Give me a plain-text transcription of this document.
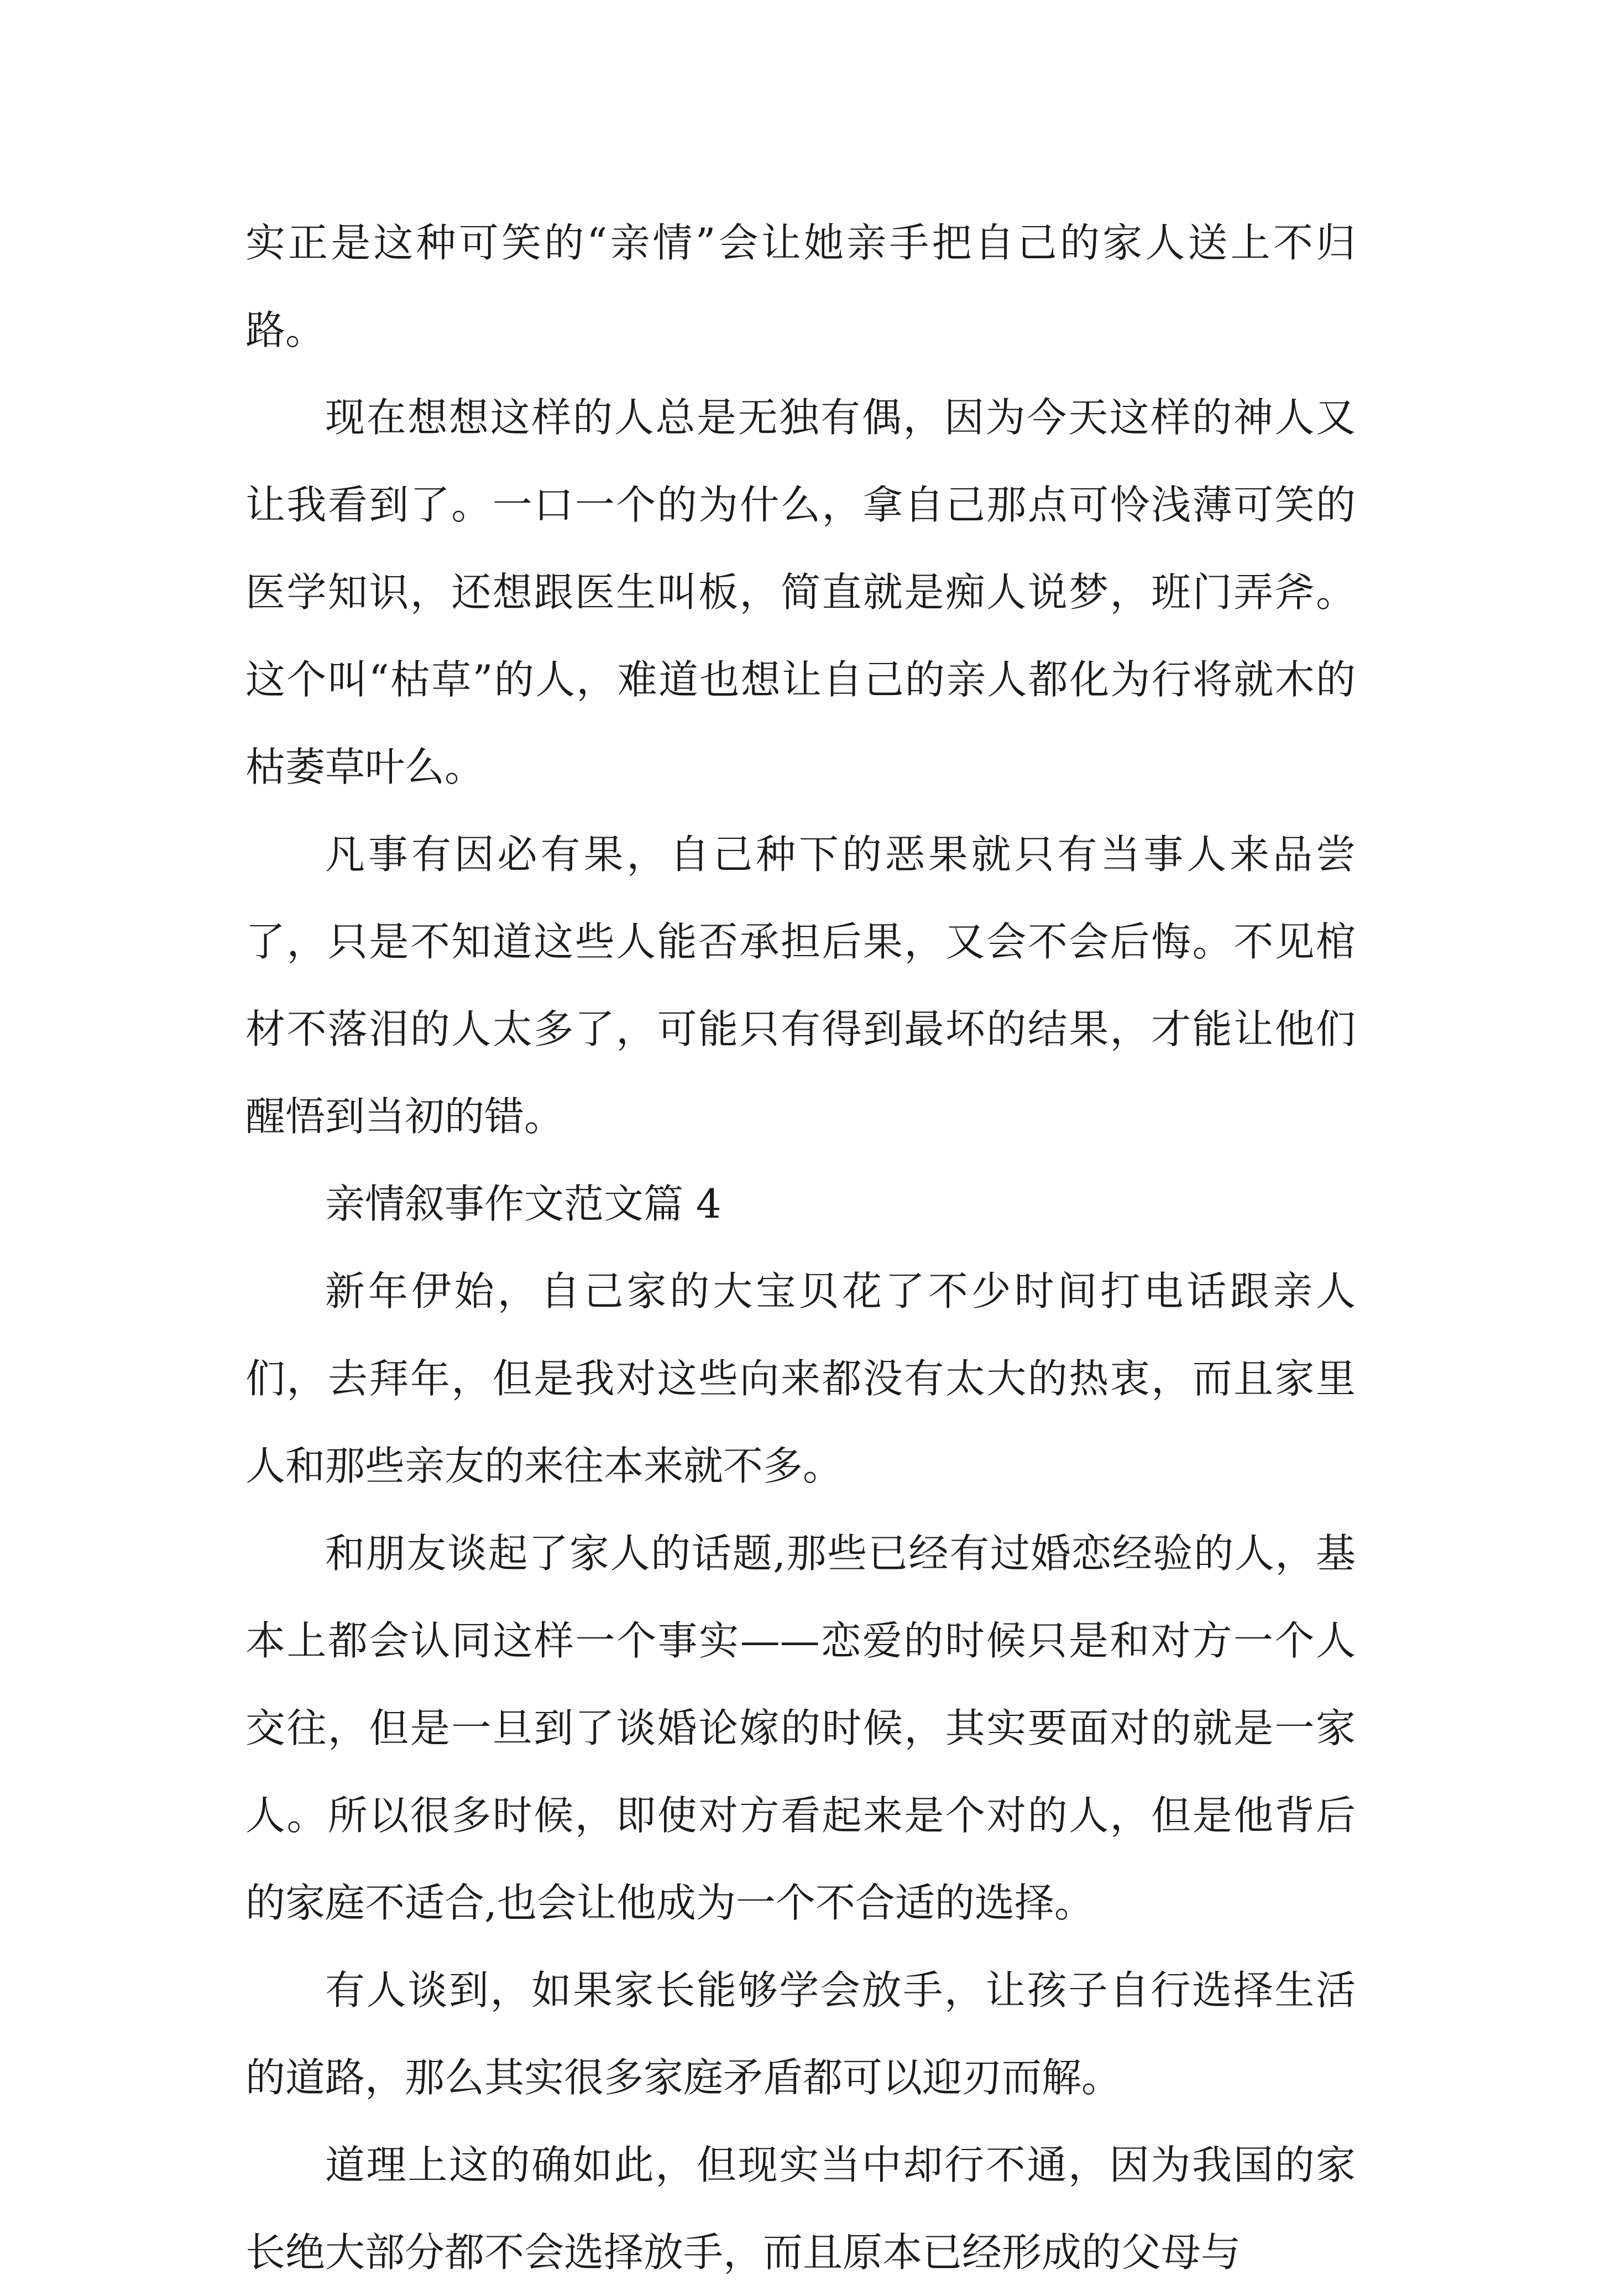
实正是这种可笑的“亲情”会让她亲手把自己的家人送上不归路。

现在想想这样的人总是无独有偶，因为今天这样的神人又让我看到了。一口一个的为什么，拿自己那点可怜浅薄可笑的医学知识，还想跟医生叫板，简直就是痴人说梦，班门弄斧。这个叫“枯草”的人，难道也想让自己的亲人都化为行将就木的枯萎草叶么。

凡事有因必有果，自己种下的恶果就只有当事人来品尝了，只是不知道这些人能否承担后果，又会不会后悔。不见棺材不落泪的人太多了，可能只有得到最坏的结果，才能让他们醒悟到当初的错。

亲情叙事作文范文篇 4

新年伊始，自己家的大宝贝花了不少时间打电话跟亲人们，去拜年，但是我对这些向来都没有太大的热衷，而且家里人和那些亲友的来往本来就不多。

和朋友谈起了家人的话题,那些已经有过婚恋经验的人，基本上都会认同这样一个事实——恋爱的时候只是和对方一个人交往，但是一旦到了谈婚论嫁的时候，其实要面对的就是一家人。所以很多时候，即使对方看起来是个对的人，但是他背后的家庭不适合,也会让他成为一个不合适的选择。

有人谈到，如果家长能够学会放手，让孩子自行选择生活的道路，那么其实很多家庭矛盾都可以迎刃而解。

道理上这的确如此，但现实当中却行不通，因为我国的家长绝大部分都不会选择放手，而且原本已经形成的父母与
